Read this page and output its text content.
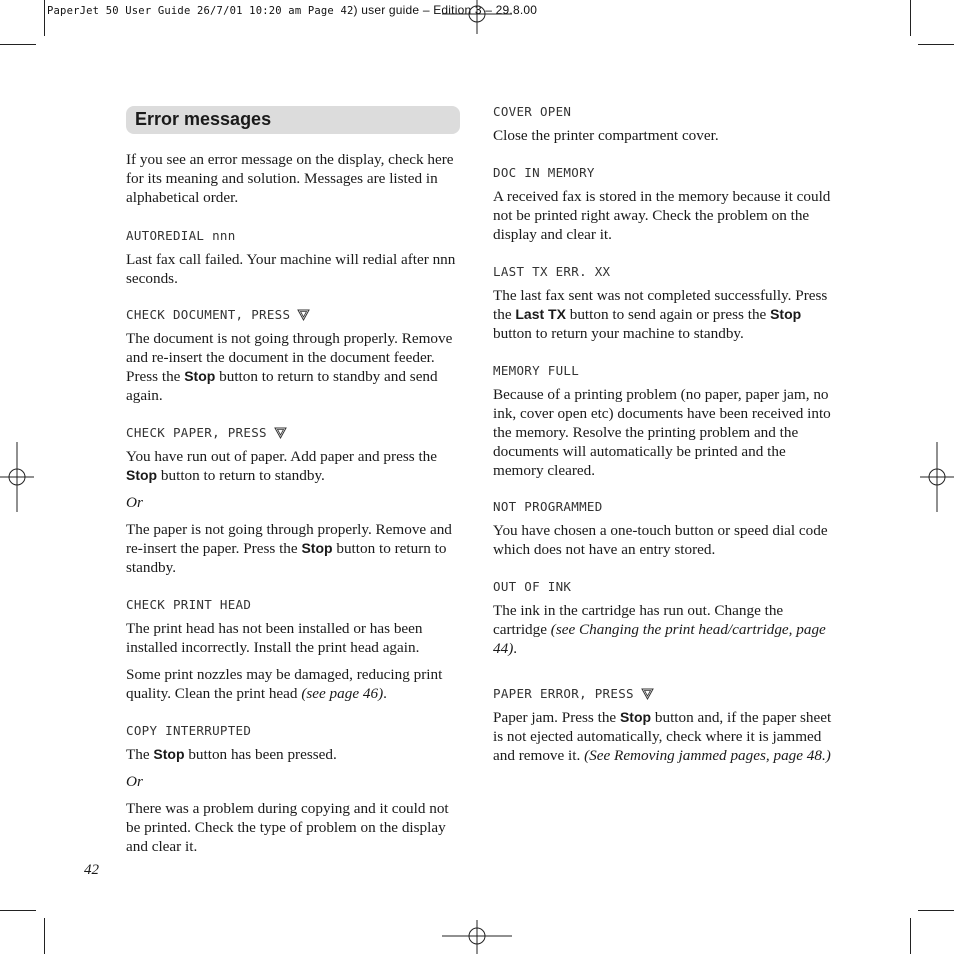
PaperJet 50 User Guide 26/7/01 10:20 am Page 42) user guide – Edition 3 – 29.8.00
Error messages

If you see an error message on the display, check here for its meaning and solution. Messages are listed in alphabetical order.

AUTOREDIAL nnn

Last fax call failed. Your machine will redial after nnn seconds.

CHECK DOCUMENT, PRESS

The document is not going through properly. Remove and re-insert the document in the document feeder. Press the Stop button to return to standby and send again.

CHECK PAPER, PRESS

You have run out of paper. Add paper and press the Stop button to return to standby.

Or

The paper is not going through properly. Remove and re-insert the paper. Press the Stop button to return to standby.

CHECK PRINT HEAD

The print head has not been installed or has been installed incorrectly. Install the print head again.

Some print nozzles may be damaged, reducing print quality. Clean the print head (see page 46).

COPY INTERRUPTED

The Stop button has been pressed.

Or

There was a problem during copying and it could not be printed. Check the type of problem on the display and clear it.

COVER OPEN

Close the printer compartment cover.

DOC IN MEMORY

A received fax is stored in the memory because it could not be printed right away. Check the problem on the display and clear it.

LAST TX ERR. XX

The last fax sent was not completed successfully. Press the Last TX button to send again or press the Stop button to return your machine to standby.

MEMORY FULL

Because of a printing problem (no paper, paper jam, no ink, cover open etc) documents have been received into the memory. Resolve the printing problem and the documents will automatically be printed and the memory cleared.

NOT PROGRAMMED

You have chosen a one-touch button or speed dial code which does not have an entry stored.

OUT OF INK

The ink in the cartridge has run out. Change the cartridge (see Changing the print head/cartridge, page 44).

PAPER ERROR, PRESS

Paper jam. Press the Stop button and, if the paper sheet is not ejected automatically, check where it is jammed and remove it. (See Removing jammed pages, page 48.)

42
